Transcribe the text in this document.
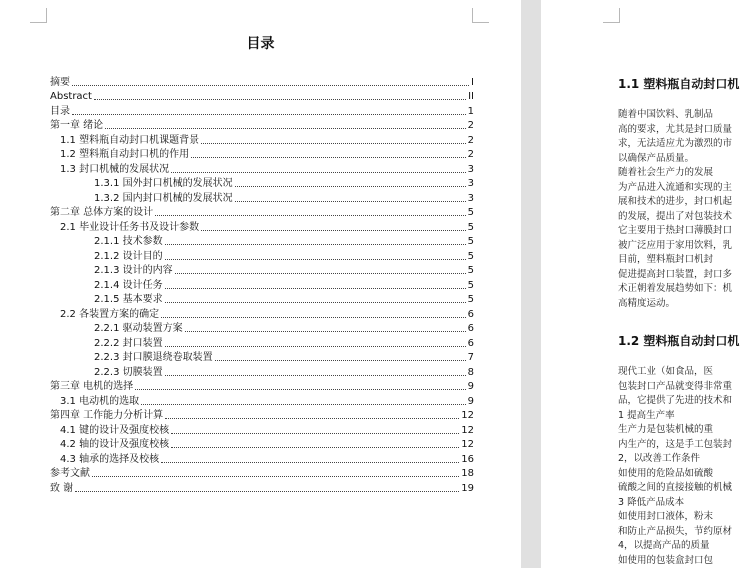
目录
摘要	I
Abstract	II
目录	1
第一章 绪论	2
1.1 塑料瓶自动封口机课题背景	2
1.2 塑料瓶自动封口机的作用	2
1.3 封口机械的发展状况	3
1.3.1 国外封口机械的发展状况	3
1.3.2 国内封口机械的发展状况	3
第二章 总体方案的设计	5
2.1 毕业设计任务书及设计参数	5
2.1.1 技术参数	5
2.1.2 设计目的	5
2.1.3 设计的内容	5
2.1.4 设计任务	5
2.1.5 基本要求	5
2.2 各装置方案的确定	6
2.2.1 驱动装置方案	6
2.2.2 封口装置	6
2.2.3 封口膜退绕卷取装置	7
2.2.3 切膜装置	8
第三章 电机的选择	9
3.1 电动机的选取	9
第四章 工作能力分析计算	12
4.1 键的设计及强度校核	12
4.2 轴的设计及强度校核	12
4.3 轴承的选择及校核	16
参考文献	18
致 谢	19
1.1 塑料瓶自动封口机
随着中国饮料、乳制品
高的要求，尤其是封口质量
求，无法适应尤为激烈的市
以确保产品质量。
随着社会生产力的发展
为产品进入流通和实现的主
展和技术的进步，封口机起
的发展，提出了对包装技术
它主要用于热封口薄膜封口
被广泛应用于家用饮料，乳
目前，塑料瓶封口机封
促进提高封口装置，封口多
术正朝着发展趋势如下：机
高精度运动。
1.2 塑料瓶自动封口机
现代工业（如食品，医
包装封口产品就变得非常重
品，它提供了先进的技术和
1 提高生产率
生产力是包装机械的重
内生产的，这是手工包装封
2，以改善工作条件
如使用的危险品如硫酸
硫酸之间的直接接触的机械
3 降低产品成本
如使用封口液体，粉末
和防止产品损失，节约原材
4，以提高产品的质量
如使用的包装盒封口包
